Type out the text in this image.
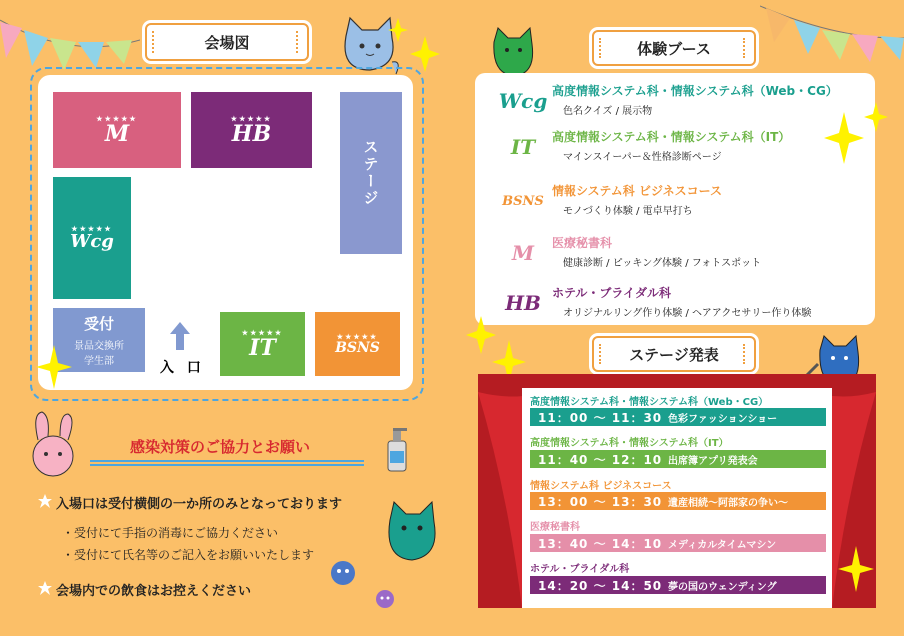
会場図
★★★★★
M
★★★★★
HB
ステージ
★★★★★
Wcg
受付
景品交換所
学生部	入 口
★★★★★
IT	★★★★★
BSNS
感染対策のご協力とお願い
入場口は受付横側の一か所のみとなっております
・受付にて手指の消毒にご協力ください
・受付にて氏名等のご記入をお願いいたします
会場内での飲食はお控えください
体験ブース
Wcg 高度情報システム科・情報システム科（Web・CG）
色名クイズ / 展示物
IT	高度情報システム科・情報システム科（IT）
マインスイーパー＆性格診断ページ
BSNS
情報システム科 ビジネスコース
モノづくり体験 / 電卓早打ち
M	医療秘書科
健康診断 / ピッキング体験 / フォトスポット
HB ホテル・ブライダル科
オリジナルリング作り体験 / ヘアアクセサリー作り体験
ステージ発表
高度情報システム科・情報システム科（Web・CG）
11：00 ～ 11：30 色彩ファッションショー
高度情報システム科・情報システム科（IT）
11：40 ～ 12：10 出席簿アプリ発表会
情報システム科 ビジネスコース
13：00 ～ 13：30 遺産相続～阿部家の争い～
医療秘書科
13：40 ～ 14：10 メディカルタイムマシン
ホテル・ブライダル科
14：20 ～ 14：50 夢の国のウェンディング
